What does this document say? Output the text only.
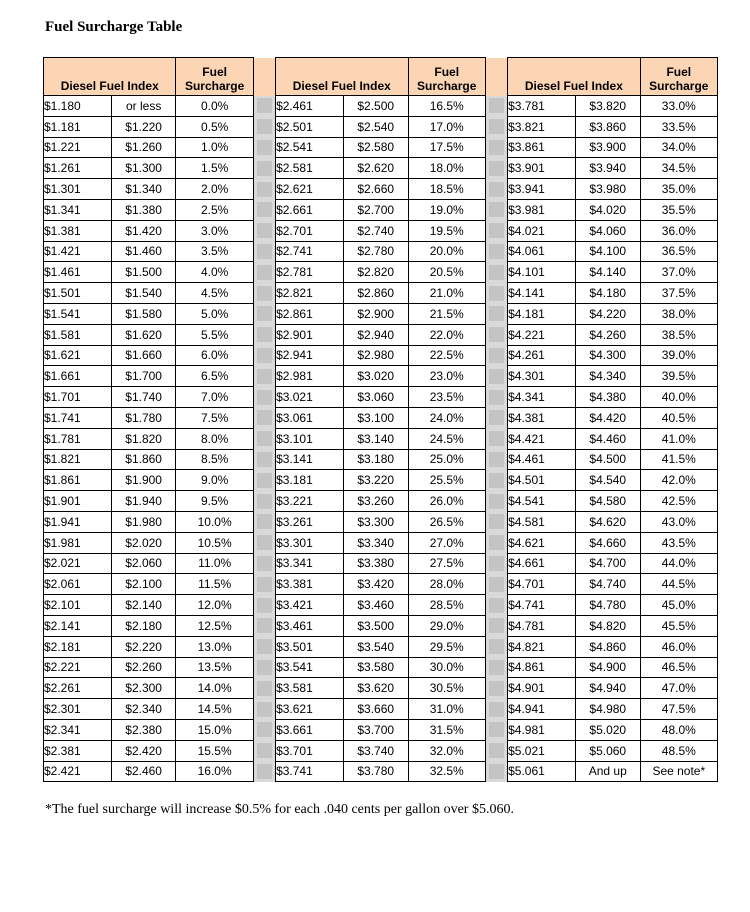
Fuel Surcharge Table
Diesel Fuel Index		Fuel
Surcharge		Diesel Fuel Index		Fuel
Surcharge		Diesel Fuel Index		Fuel
Surcharge
$1.180	or less	0.0%		$2.461	$2.500	16.5%		$3.781	$3.820	33.0%
$1.181	$1.220	0.5%		$2.501	$2.540	17.0%		$3.821	$3.860	33.5%
$1.221	$1.260	1.0%		$2.541	$2.580	17.5%		$3.861	$3.900	34.0%
$1.261	$1.300	1.5%		$2.581	$2.620	18.0%		$3.901	$3.940	34.5%
$1.301	$1.340	2.0%		$2.621	$2.660	18.5%		$3.941	$3.980	35.0%
$1.341	$1.380	2.5%		$2.661	$2.700	19.0%		$3.981	$4.020	35.5%
$1.381	$1.420	3.0%		$2.701	$2.740	19.5%		$4.021	$4.060	36.0%
$1.421	$1.460	3.5%		$2.741	$2.780	20.0%		$4.061	$4.100	36.5%
$1.461	$1.500	4.0%		$2.781	$2.820	20.5%		$4.101	$4.140	37.0%
$1.501	$1.540	4.5%		$2.821	$2.860	21.0%		$4.141	$4.180	37.5%
$1.541	$1.580	5.0%		$2.861	$2.900	21.5%		$4.181	$4.220	38.0%
$1.581	$1.620	5.5%		$2.901	$2.940	22.0%		$4.221	$4.260	38.5%
$1.621	$1.660	6.0%		$2.941	$2.980	22.5%		$4.261	$4.300	39.0%
$1.661	$1.700	6.5%		$2.981	$3.020	23.0%		$4.301	$4.340	39.5%
$1.701	$1.740	7.0%		$3.021	$3.060	23.5%		$4.341	$4.380	40.0%
$1.741	$1.780	7.5%		$3.061	$3.100	24.0%		$4.381	$4.420	40.5%
$1.781	$1.820	8.0%		$3.101	$3.140	24.5%		$4.421	$4.460	41.0%
$1.821	$1.860	8.5%		$3.141	$3.180	25.0%		$4.461	$4.500	41.5%
$1.861	$1.900	9.0%		$3.181	$3.220	25.5%		$4.501	$4.540	42.0%
$1.901	$1.940	9.5%		$3.221	$3.260	26.0%		$4.541	$4.580	42.5%
$1.941	$1.980	10.0%		$3.261	$3.300	26.5%		$4.581	$4.620	43.0%
$1.981	$2.020	10.5%		$3.301	$3.340	27.0%		$4.621	$4.660	43.5%
$2.021	$2.060	11.0%		$3.341	$3.380	27.5%		$4.661	$4.700	44.0%
$2.061	$2.100	11.5%		$3.381	$3.420	28.0%		$4.701	$4.740	44.5%
$2.101	$2.140	12.0%		$3.421	$3.460	28.5%		$4.741	$4.780	45.0%
$2.141	$2.180	12.5%		$3.461	$3.500	29.0%		$4.781	$4.820	45.5%
$2.181	$2.220	13.0%		$3.501	$3.540	29.5%		$4.821	$4.860	46.0%
$2.221	$2.260	13.5%		$3.541	$3.580	30.0%		$4.861	$4.900	46.5%
$2.261	$2.300	14.0%		$3.581	$3.620	30.5%		$4.901	$4.940	47.0%
$2.301	$2.340	14.5%		$3.621	$3.660	31.0%		$4.941	$4.980	47.5%
$2.341	$2.380	15.0%		$3.661	$3.700	31.5%		$4.981	$5.020	48.0%
$2.381	$2.420	15.5%		$3.701	$3.740	32.0%		$5.021	$5.060	48.5%
$2.421	$2.460	16.0%		$3.741	$3.780	32.5%		$5.061	And up	See note*
*The fuel surcharge will increase $0.5% for each .040 cents per gallon over $5.060.
